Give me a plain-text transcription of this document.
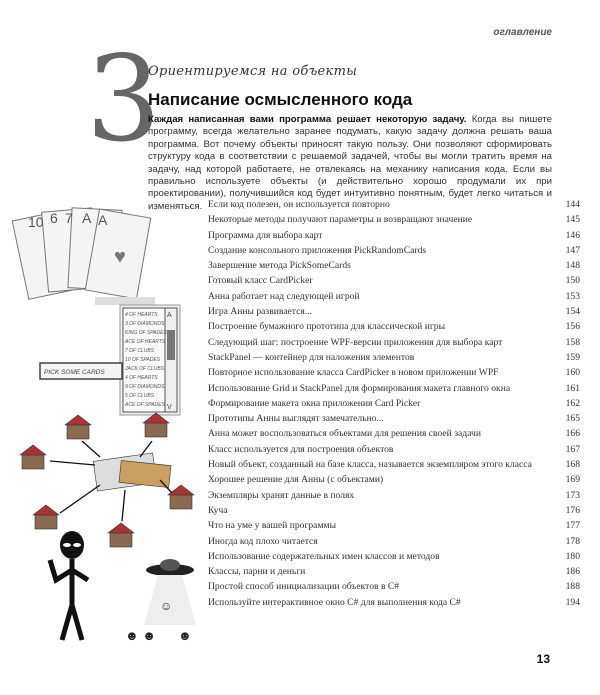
оглавление
3
Ориентируемся на объекты
Написание осмысленного кода
Каждая написанная вами программа решает некоторую задачу. Когда вы пишете программу, всегда желательно заранее подумать, какую задачу должна решать ваша программа. Вот почему объекты приносят такую пользу. Они позволяют сформировать структуру кода в соответствии с решаемой задачей, чтобы вы могли тратить время на задачу, над которой работаете, не отвлекаясь на механику написания кода. Если вы правильно используете объекты (и действительно хорошо продумали их при проектировании), получившийся код будет интуитивно понятным, будет легко читаться и изменяться.
10 6 7 A A
♥
A
V
4 OF HEARTS
3 OF DIAMONDS
KING OF SPADES
ACE OF HEARTS
7 OF CLUBS
10 OF SPADES
JACK OF CLUBS
4 OF HEARTS
9 OF DIAMONDS
5 OF CLUBS
ACE OF SPADES
PICK SOME CARDS
☺
☻ ☻ ☻
Если код полезен, он используется повторно	144
Некоторые методы получают параметры и возвращают значение	145
Программа для выбора карт	146
Создание консольного приложения PickRandomCards	147
Завершение метода PickSomeCards	148
Готовый класс CardPicker	150
Анна работает над следующей игрой	153
Игра Анны развивается...	154
Построение бумажного прототипа для классической игры	156
Следующий шаг: построение WPF-версии приложения для выбора карт	158
StackPanel — контейнер для наложения элементов	159
Повторное использование класса CardPicker в новом приложении WPF	160
Использование Grid и StackPanel для формирования макета главного окна	161
Формирование макета окна приложения Card Picker	162
Прототипы Анны выглядят замечательно...	165
Анна может воспользоваться объектами для решения своей задачи	166
Класс используется для построения объектов	167
Новый объект, созданный на базе класса, называется экземпляром этого класса	168
Хорошее решение для Анны (с объектами)	169
Экземпляры хранят данные в полях	173
Куча	176
Что на уме у вашей программы	177
Иногда код плохо читается	178
Использование содержательных имен классов и методов	180
Классы, парни и деньги	186
Простой способ инициализации объектов в C#	188
Используйте интерактивное окно C# для выполнения кода C#	194
13
